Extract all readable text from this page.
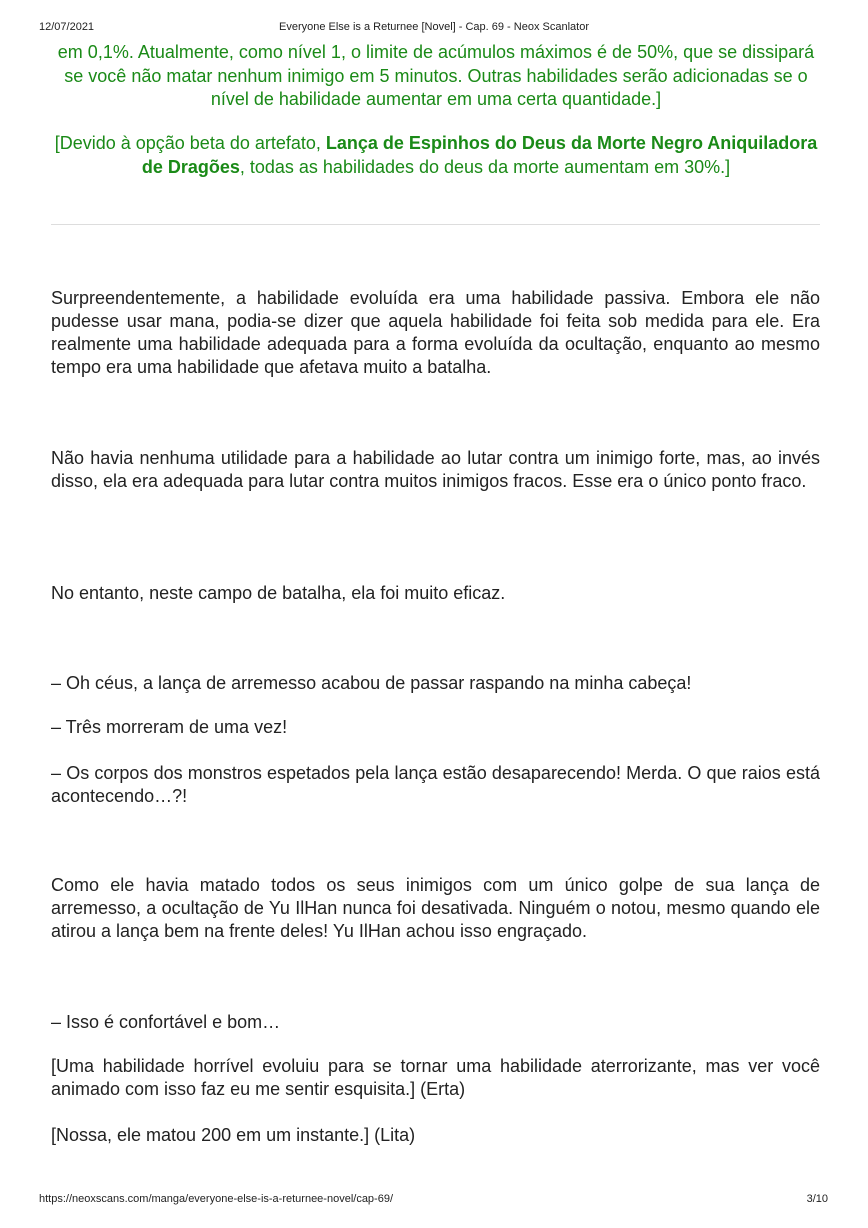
12/07/2021	Everyone Else is a Returnee [Novel] - Cap. 69 - Neox Scanlator

em 0,1%. Atualmente, como nível 1, o limite de acúmulos máximos é de 50%, que se dissipará se você não matar nenhum inimigo em 5 minutos. Outras habilidades serão adicionadas se o nível de habilidade aumentar em uma certa quantidade.]

[Devido à opção beta do artefato, Lança de Espinhos do Deus da Morte Negro Aniquiladora de Dragões, todas as habilidades do deus da morte aumentam em 30%.]

Surpreendentemente, a habilidade evoluída era uma habilidade passiva. Embora ele não pudesse usar mana, podia-se dizer que aquela habilidade foi feita sob medida para ele. Era realmente uma habilidade adequada para a forma evoluída da ocultação, enquanto ao mesmo tempo era uma habilidade que afetava muito a batalha.

Não havia nenhuma utilidade para a habilidade ao lutar contra um inimigo forte, mas, ao invés disso, ela era adequada para lutar contra muitos inimigos fracos. Esse era o único ponto fraco.

No entanto, neste campo de batalha, ela foi muito eficaz.

– Oh céus, a lança de arremesso acabou de passar raspando na minha cabeça!

– Três morreram de uma vez!

– Os corpos dos monstros espetados pela lança estão desaparecendo! Merda. O que raios está acontecendo…?!

Como ele havia matado todos os seus inimigos com um único golpe de sua lança de arremesso, a ocultação de Yu IlHan nunca foi desativada. Ninguém o notou, mesmo quando ele atirou a lança bem na frente deles! Yu IlHan achou isso engraçado.

– Isso é confortável e bom…

[Uma habilidade horrível evoluiu para se tornar uma habilidade aterrorizante, mas ver você animado com isso faz eu me sentir esquisita.] (Erta)

[Nossa, ele matou 200 em um instante.] (Lita)

https://neoxscans.com/manga/everyone-else-is-a-returnee-novel/cap-69/	3/10
